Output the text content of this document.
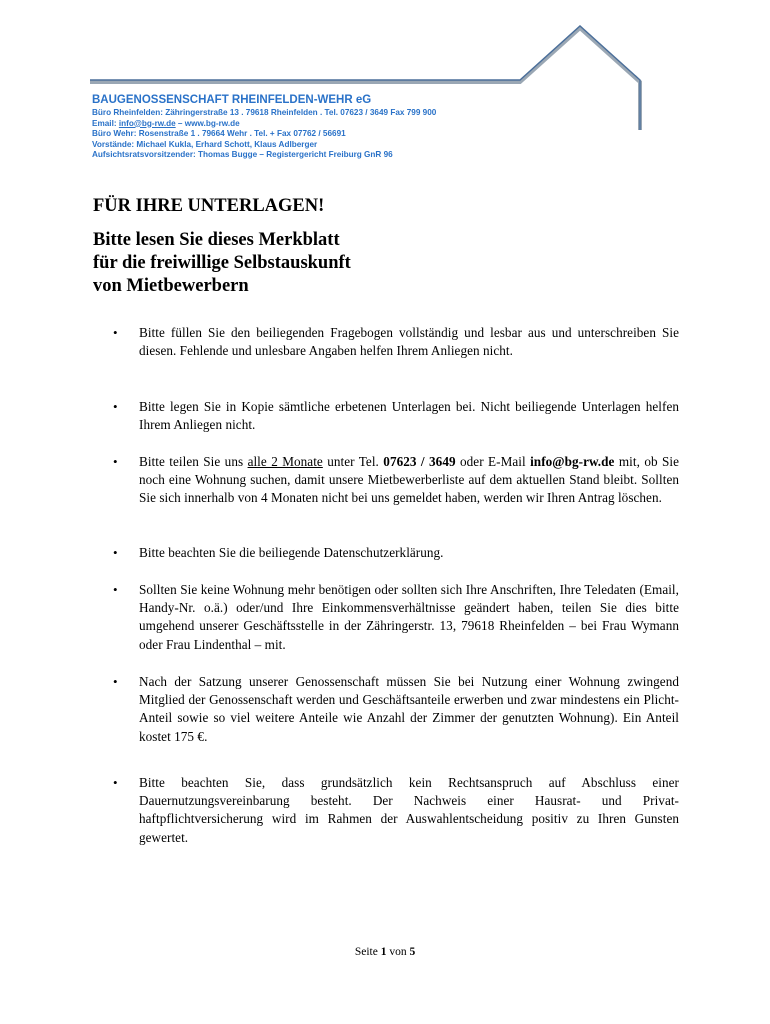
BAUGENOSSENSCHAFT RHEINFELDEN-WEHR eG

Büro Rheinfelden: Zähringerstraße 13 . 79618 Rheinfelden . Tel. 07623 / 3649 Fax 799 900

Email: info@bg-rw.de – www.bg-rw.de

Büro Wehr: Rosenstraße 1 . 79664 Wehr . Tel. + Fax 07762 / 56691

Vorstände: Michael Kukla, Erhard Schott, Klaus Adlberger

Aufsichtsratsvorsitzender: Thomas Bugge – Registergericht Freiburg GnR 96

FÜR IHRE UNTERLAGEN!
Bitte lesen Sie dieses Merkblatt
für die freiwillige Selbstauskunft
von Mietbewerbern
• Bitte füllen Sie den beiliegenden Fragebogen vollständig und lesbar aus und unterschreiben Sie diesen. Fehlende und unlesbare Angaben helfen Ihrem Anliegen nicht.
• Bitte legen Sie in Kopie sämtliche erbetenen Unterlagen bei. Nicht beiliegende Unterlagen helfen Ihrem Anliegen nicht.
• Bitte teilen Sie uns alle 2 Monate unter Tel. 07623 / 3649 oder E-Mail info@bg-rw.de mit, ob Sie noch eine Wohnung suchen, damit unsere Mietbewerberliste auf dem aktuellen Stand bleibt. Sollten Sie sich innerhalb von 4 Monaten nicht bei uns gemeldet haben, werden wir Ihren Antrag löschen.
• Bitte beachten Sie die beiliegende Datenschutzerklärung.
• Sollten Sie keine Wohnung mehr benötigen oder sollten sich Ihre Anschriften, Ihre Teledaten (Email, Handy-Nr. o.ä.) oder/und Ihre Einkommensverhältnisse geändert haben, teilen Sie dies bitte umgehend unserer Geschäftsstelle in der Zähringerstr. 13, 79618 Rheinfelden – bei Frau Wymann oder Frau Lindenthal – mit.
• Nach der Satzung unserer Genossenschaft müssen Sie bei Nutzung einer Wohnung zwingend Mitglied der Genossenschaft werden und Geschäftsanteile erwerben und zwar mindestens ein Plicht-Anteil sowie so viel weitere Anteile wie Anzahl der Zimmer der genutzten Wohnung). Ein Anteil kostet 175 €.
• Bitte beachten Sie, dass grundsätzlich kein Rechtsanspruch auf Abschluss einer Dauernutzungsvereinbarung besteht. Der Nachweis einer Hausrat- und Privat-haftpflichtversicherung wird im Rahmen der Auswahlentscheidung positiv zu Ihren Gunsten gewertet.
Seite 1 von 5
